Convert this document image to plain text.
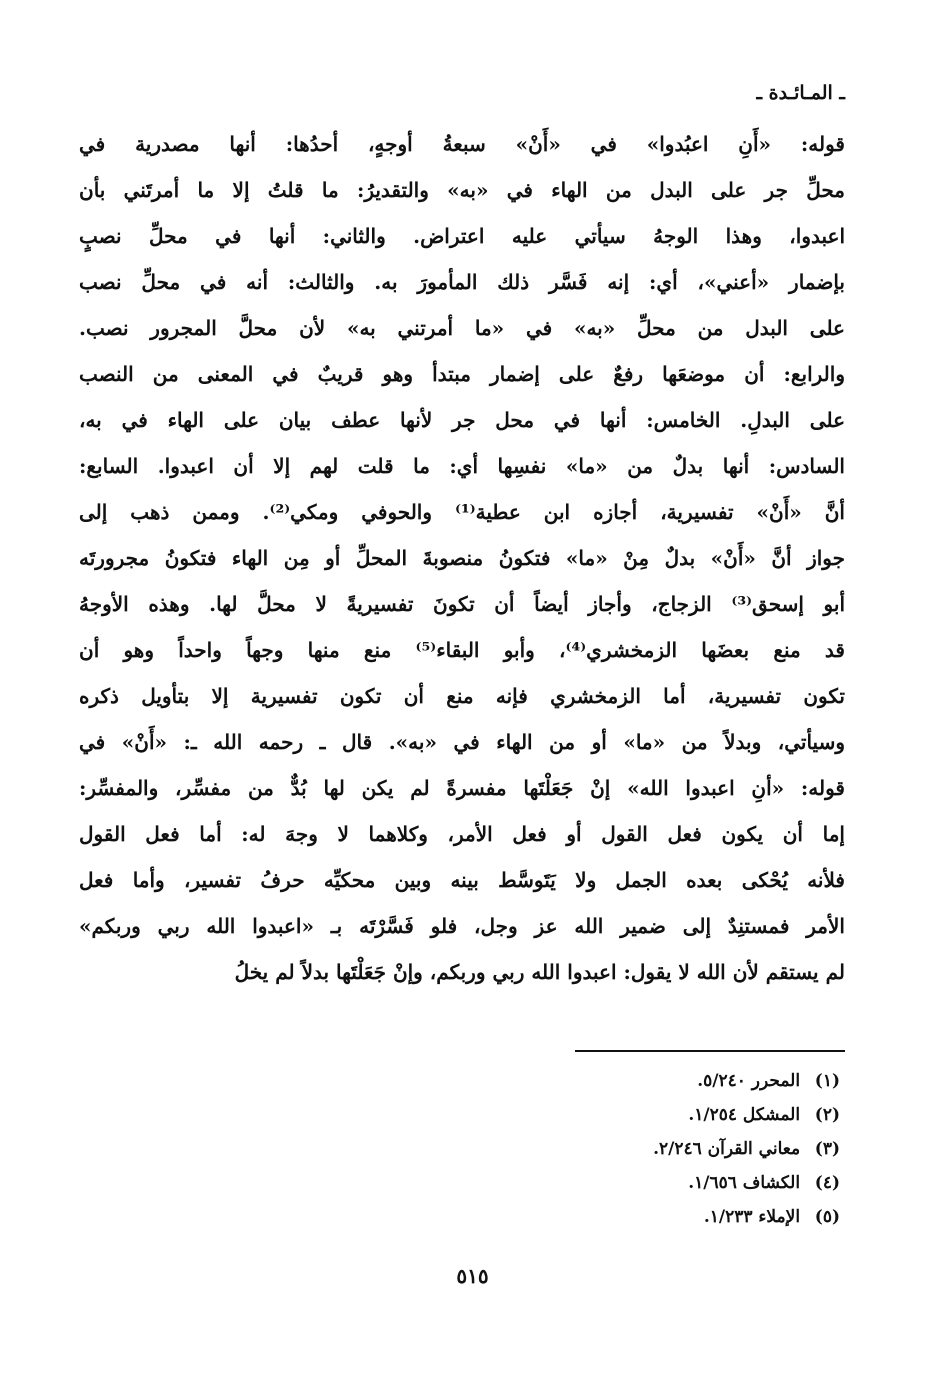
ـ المـائـدة ـ
قوله: «أَنِ اعبُدوا» في «أَنْ» سبعةُ أوجهٍ، أحدُها: أنها مصدرية في
محلِّ جر على البدل من الهاء في «به» والتقديرُ: ما قلتُ إلا ما أمرتَني بأن
اعبدوا، وهذا الوجهُ سيأتي عليه اعتراض. والثاني: أنها في محلِّ نصبٍ
بإضمار «أعني»، أي: إنه فَسَّر ذلك المأمورَ به. والثالث: أنه في محلِّ نصب
على البدل من محلِّ «به» في «ما أمرتني به» لأن محلَّ المجرور نصب.
والرابع: أن موضعَها رفعٌ على إضمار مبتدأ وهو قريبٌ في المعنى من النصب
على البدلِ. الخامس: أنها في محل جر لأنها عطف بيان على الهاء في به،
السادس: أنها بدلٌ من «ما» نفسِها أي: ما قلت لهم إلا أن اعبدوا. السابع:
أنَّ «أَنْ» تفسيرية، أجازه ابن عطية⁽¹⁾ والحوفي ومكي⁽²⁾. وممن ذهب إلى
جواز أنَّ «أَنْ» بدلٌ مِنْ «ما» فتكونُ منصوبةَ المحلِّ أو مِن الهاء فتكونُ مجرورتَه
أبو إسحق⁽³⁾ الزجاج، وأجاز أيضاً أن تكونَ تفسيريةً لا محلَّ لها. وهذه الأوجهُ
قد منع بعضَها الزمخشري⁽⁴⁾، وأبو البقاء⁽⁵⁾ منع منها وجهاً واحداً وهو أن
تكون تفسيرية، أما الزمخشري فإنه منع أن تكون تفسيرية إلا بتأويل ذكره
وسيأتي، وبدلاً من «ما» أو من الهاء في «به». قال ـ رحمه الله ـ: «أَنْ» في
قوله: «أنِ اعبدوا الله» إنْ جَعَلْتَها مفسرةً لم يكن لها بُدٌّ من مفسِّر، والمفسِّر:
إما أن يكون فعل القول أو فعل الأمر، وكلاهما لا وجهَ له: أما فعل القول
فلأنه يُحْكى بعده الجمل ولا يَتَوسَّط بينه وبين محكيِّه حرفُ تفسير، وأما فعل
الأمر فمستنِدٌ إلى ضمير الله عز وجل، فلو فَسَّرْتَه بـ «اعبدوا الله ربي وربكم»
لم يستقم لأن الله لا يقول: اعبدوا الله ربي وربكم، وإنْ جَعَلْتَها بدلاً لم يخلُ
(١) المحرر ٥/٢٤٠.
(٢) المشكل ١/٢٥٤.
(٣) معاني القرآن ٢/٢٤٦.
(٤) الكشاف ١/٦٥٦.
(٥) الإملاء ١/٢٣٣.
٥١٥
